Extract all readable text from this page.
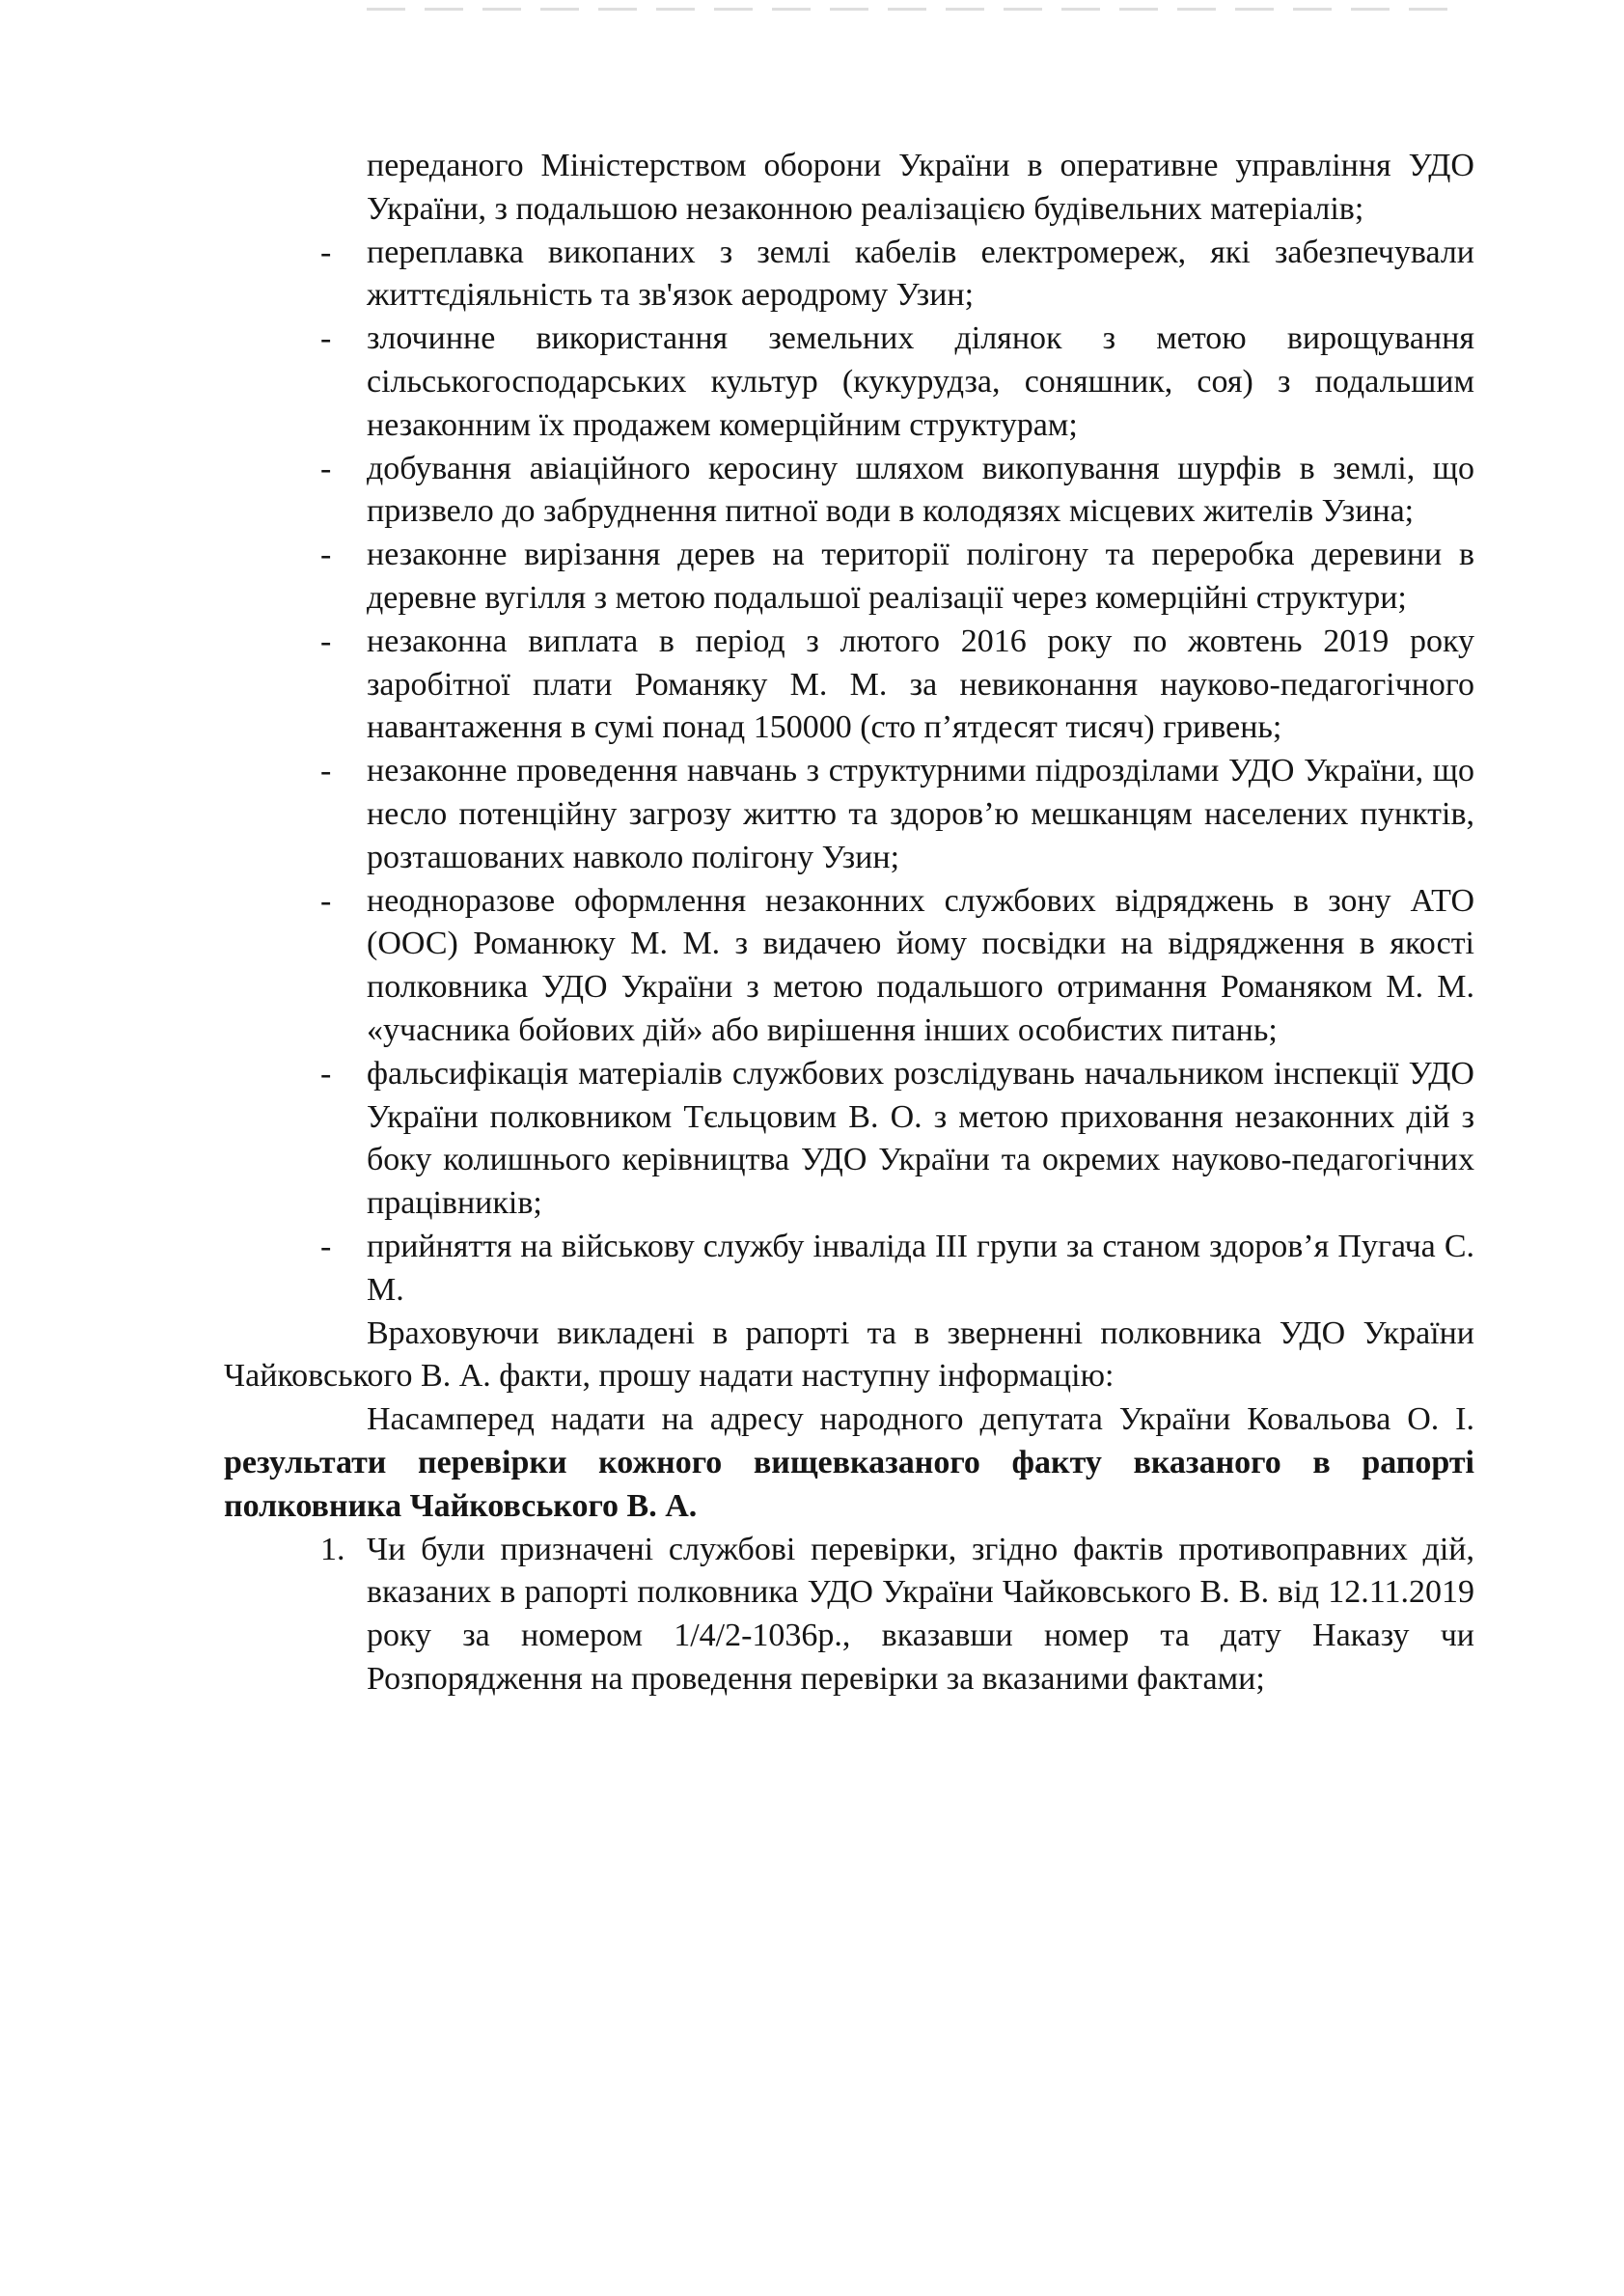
переданого Міністерством оборони України в оперативне управління УДО України, з подальшою незаконною реалізацією будівельних матеріалів;
- переплавка викопаних з землі кабелів електромереж, які забезпечували життєдіяльність та зв'язок аеродрому Узин;
- злочинне використання земельних ділянок з метою вирощування сільськогосподарських культур (кукурудза, соняшник, соя) з подальшим незаконним їх продажем комерційним структурам;
- добування авіаційного керосину шляхом викопування шурфів в землі, що призвело до забруднення питної води в колодязях місцевих жителів Узина;
- незаконне вирізання дерев на території полігону та переробка деревини в деревне вугілля з метою подальшої реалізації через комерційні структури;
- незаконна виплата в період з лютого 2016 року по жовтень 2019 року заробітної плати Романяку М. М. за невиконання науково-педагогічного навантаження в сумі понад 150000 (сто п’ятдесят тисяч) гривень;
- незаконне проведення навчань з структурними підрозділами УДО України, що несло потенційну загрозу життю та здоров’ю мешканцям населених пунктів, розташованих навколо полігону Узин;
- неодноразове оформлення незаконних службових відряджень в зону АТО (ООС) Романюку М. М. з видачею йому посвідки на відрядження в якості полковника УДО України з метою подальшого отримання Романяком М. М. «учасника бойових дій» або вирішення інших особистих питань;
- фальсифікація матеріалів службових розслідувань начальником інспекції УДО України полковником Тєльцовим В. О. з метою приховання незаконних дій з боку колишнього керівництва УДО України та окремих науково-педагогічних працівників;
- прийняття на військову службу інваліда III групи за станом здоров’я Пугача С. М.

Враховуючи викладені в рапорті та в зверненні полковника УДО України Чайковського В. А. факти, прошу надати наступну інформацію:

Насамперед надати на адресу народного депутата України Ковальова О. І. результати перевірки кожного вищевказаного факту вказаного в рапорті полковника Чайковського В. А.

1. Чи були призначені службові перевірки, згідно фактів противоправних дій, вказаних в рапорті полковника УДО України Чайковського В. В. від 12.11.2019 року за номером 1/4/2-1036р., вказавши номер та дату Наказу чи Розпорядження на проведення перевірки за вказаними фактами;
